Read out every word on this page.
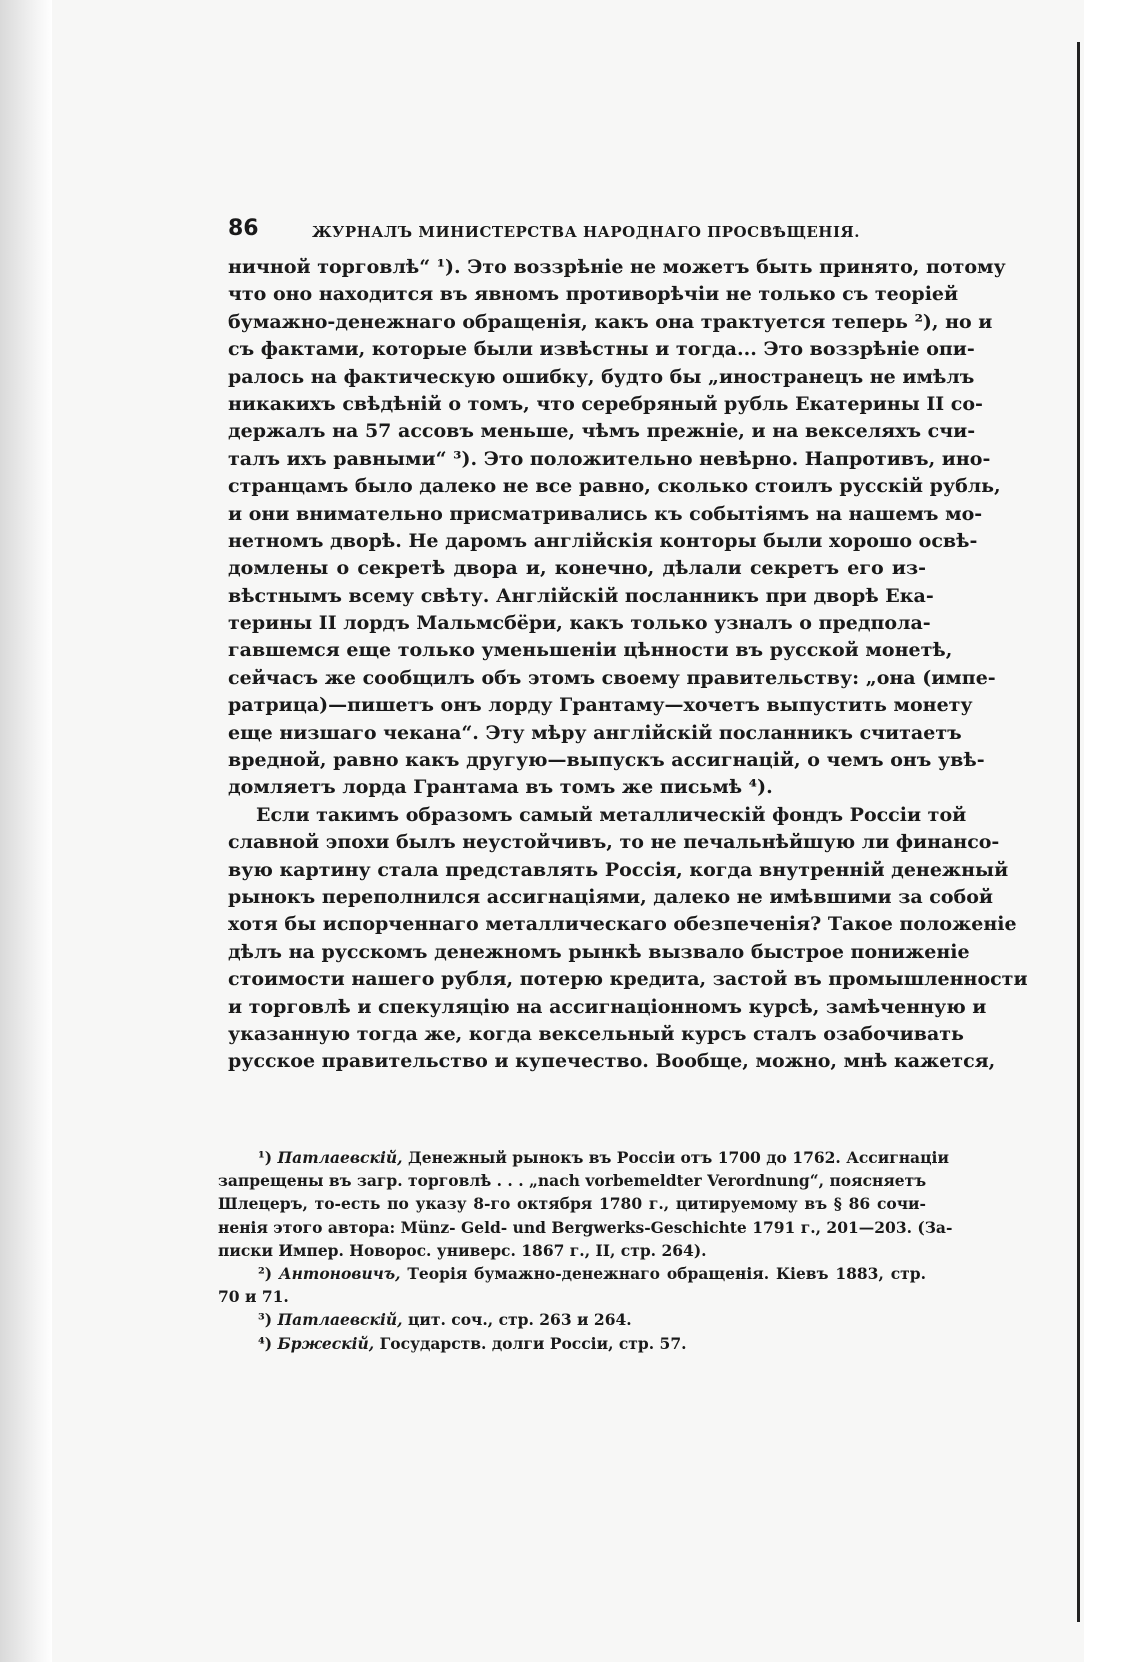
86	ЖУРНАЛЪ МИНИСТЕРСТВА НАРОДНАГО ПРОСВѢЩЕНІЯ.
ничной торговлѣ“ ¹). Это воззрѣніе не можетъ быть принято, потому
что оно находится въ явномъ противорѣчіи не только съ теоріей
бумажно-денежнаго обращенія, какъ она трактуется теперь ²), но и
съ фактами, которые были извѣстны и тогда... Это воззрѣніе опи-
ралось на фактическую ошибку, будто бы „иностранецъ не имѣлъ
никакихъ свѣдѣній о томъ, что серебряный рубль Екатерины II со-
держалъ на 57 ассовъ меньше, чѣмъ прежніе, и на векселяхъ счи-
талъ ихъ равными“ ³). Это положительно невѣрно. Напротивъ, ино-
странцамъ было далеко не все равно, сколько стоилъ русскій рубль,
и они внимательно присматривались къ событіямъ на нашемъ мо-
нетномъ дворѣ. Не даромъ англійскія конторы были хорошо освѣ-
домлены о секретѣ двора и, конечно, дѣлали секретъ его из-
вѣстнымъ всему свѣту. Англійскій посланникъ при дворѣ Ека-
терины II лордъ Мальмсбёри, какъ только узналъ о предпола-
гавшемся еще только уменьшеніи цѣнности въ русской монетѣ,
сейчасъ же сообщилъ объ этомъ своему правительству: „она (импе-
ратрица)—пишетъ онъ лорду Грантаму—хочетъ выпустить монету
еще низшаго чекана“. Эту мѣру англійскій посланникъ считаетъ
вредной, равно какъ другую—выпускъ ассигнацій, о чемъ онъ увѣ-
домляетъ лорда Грантама въ томъ же письмѣ ⁴).
Если такимъ образомъ самый металлическій фондъ Россіи той
славной эпохи былъ неустойчивъ, то не печальнѣйшую ли финансо-
вую картину стала представлять Россія, когда внутренній денежный
рынокъ переполнился ассигнаціями, далеко не имѣвшими за собой
хотя бы испорченнаго металлическаго обезпеченія? Такое положеніе
дѣлъ на русскомъ денежномъ рынкѣ вызвало быстрое пониженіе
стоимости нашего рубля, потерю кредита, застой въ промышленности
и торговлѣ и спекуляцію на ассигнаціонномъ курсѣ, замѣченную и
указанную тогда же, когда вексельный курсъ сталъ озабочивать
русское правительство и купечество. Вообще, можно, мнѣ кажется,
¹) Патлаевскій, Денежный рынокъ въ Россіи отъ 1700 до 1762. Ассигнаціи
запрещены въ загр. торговлѣ . . . „nach vorbemeldter Verordnung“, поясняетъ
Шлецеръ, то-есть по указу 8-го октября 1780 г., цитируемому въ § 86 сочи-
ненія этого автора: Münz- Geld- und Bergwerks-Geschichte 1791 г., 201—203. (За-
писки Импер. Новорос. универс. 1867 г., II, стр. 264).
²) Антоновичъ, Теорія бумажно-денежнаго обращенія. Кіевъ 1883, стр.
70 и 71.
³) Патлаевскій, цит. соч., стр. 263 и 264.
⁴) Бржескій, Государств. долги Россіи, стр. 57.
